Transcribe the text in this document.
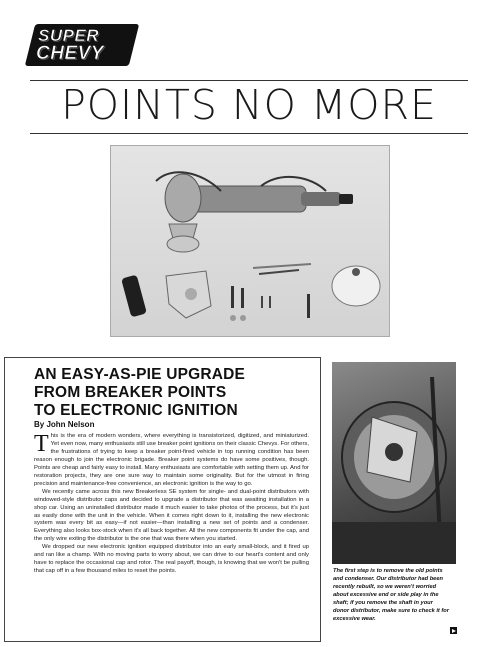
SUPER
CHEVY
POINTS NO MORE
AN EASY-AS-PIE UPGRADE
FROM BREAKER POINTS
TO ELECTRONIC IGNITION
By John Nelson

This is the era of modern wonders, where everything is transistorized, digitized, and miniaturized. Yet even now, many enthusiasts still use breaker point ignitions on their classic Chevys. For others, the frustrations of trying to keep a breaker point-fired vehicle in top running condition has been reason enough to join the electronic brigade. Breaker point systems do have some positives, though. Points are cheap and fairly easy to install. Many enthusiasts are comfortable with setting them up. And for restoration projects, they are one sure way to maintain some originality. But for the utmost in firing precision and maintenance-free convenience, an electronic ignition is the way to go.

We recently came across this new Breakerless SE system for single- and dual-point distributors with windowed-style distributor caps and decided to upgrade a distributor that was awaiting installation in a shop car. Using an uninstalled distributor made it much easier to take photos of the process, but it's just as easily done with the unit in the vehicle. When it comes right down to it, installing the new electronic system was every bit as easy—if not easier—than installing a new set of points and a condenser. Everything also looks box-stock when it's all back together. All the new components fit under the cap, and the only wire exiting the distributor is the one that was there when you started.

We dropped our new electronic ignition equipped distributor into an early small-block, and it fired up and ran like a champ. With no moving parts to worry about, we can drive to our heart's content and only have to replace the occasional cap and rotor. The real payoff, though, is knowing that we won't be pulling that cap off in a few thousand miles to reset the points.	The first step is to remove the old points and condenser. Our distributor had been recently rebuilt, so we weren't worried about excessive end or side play in the shaft; if you remove the shaft in your donor distributor, make sure to check it for excessive wear.
